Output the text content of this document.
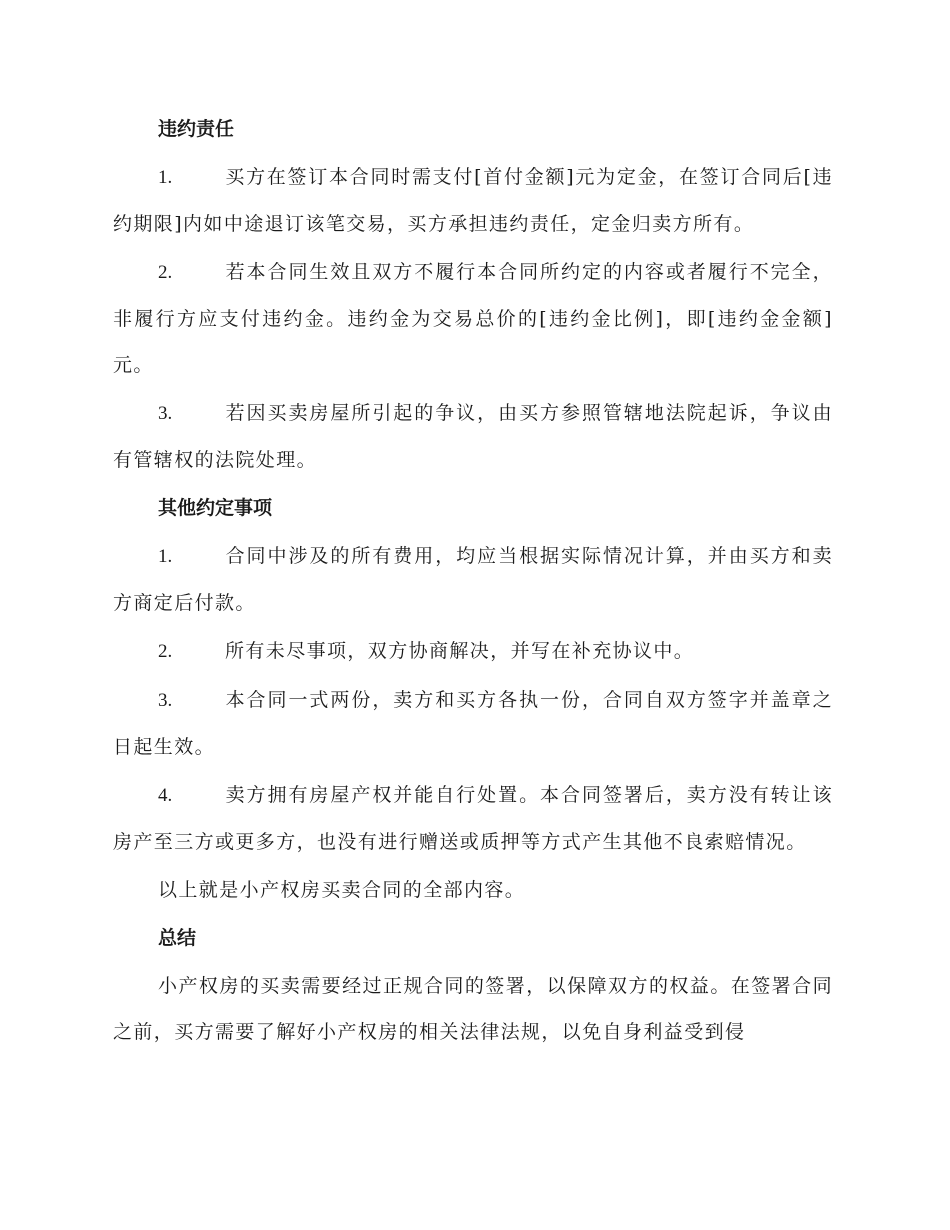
违约责任
1.	买方在签订本合同时需支付[首付金额]元为定金，在签订合同后[违约期限]内如中途退订该笔交易，买方承担违约责任，定金归卖方所有。
2.	若本合同生效且双方不履行本合同所约定的内容或者履行不完全，非履行方应支付违约金。违约金为交易总价的[违约金比例]，即[违约金金额]元。
3.	若因买卖房屋所引起的争议，由买方参照管辖地法院起诉，争议由有管辖权的法院处理。
其他约定事项
1.	合同中涉及的所有费用，均应当根据实际情况计算，并由买方和卖方商定后付款。
2.	所有未尽事项，双方协商解决，并写在补充协议中。
3.	本合同一式两份，卖方和买方各执一份，合同自双方签字并盖章之日起生效。
4.	卖方拥有房屋产权并能自行处置。本合同签署后，卖方没有转让该房产至三方或更多方，也没有进行赠送或质押等方式产生其他不良索赔情况。
以上就是小产权房买卖合同的全部内容。
总结
小产权房的买卖需要经过正规合同的签署，以保障双方的权益。在签署合同之前，买方需要了解好小产权房的相关法律法规，以免自身利益受到侵
